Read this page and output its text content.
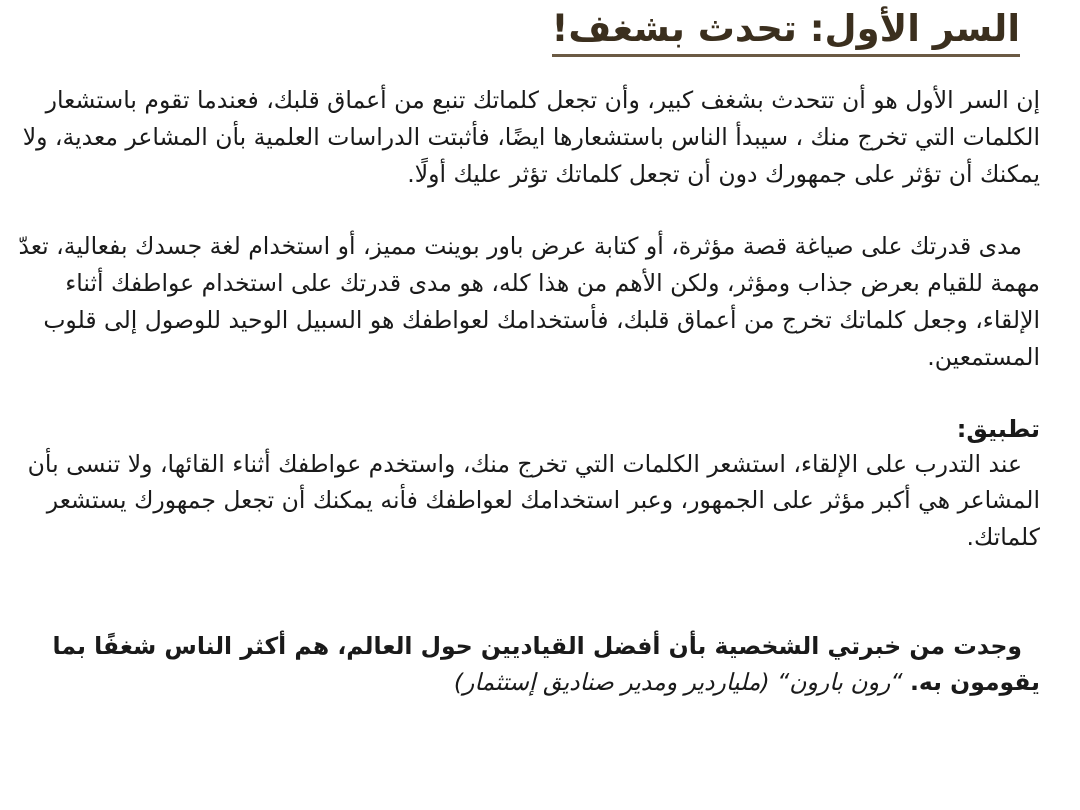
السر الأول: تحدث بشغف!

إن السر الأول هو أن تتحدث بشغف كبير، وأن تجعل كلماتك تنبع من أعماق قلبك، فعندما تقوم باستشعار الكلمات التي تخرج منك ، سيبدأ الناس باستشعارها ايضًا، فأثبتت الدراسات العلمية بأن المشاعر معدية، ولا يمكنك أن تؤثر على جمهورك دون أن تجعل كلماتك تؤثر عليك أولًا.

مدى قدرتك على صياغة قصة مؤثرة، أو كتابة عرض باور بوينت مميز، أو استخدام لغة جسدك بفعالية، تعدّ مهمة للقيام بعرض جذاب ومؤثر، ولكن الأهم من هذا كله، هو مدى قدرتك على استخدام عواطفك أثناء الإلقاء، وجعل كلماتك تخرج من أعماق قلبك، فأستخدامك لعواطفك هو السبيل الوحيد للوصول إلى قلوب المستمعين.

تطبيق:

عند التدرب على الإلقاء، استشعر الكلمات التي تخرج منك، واستخدم عواطفك أثناء القائها، ولا تنسى بأن المشاعر هي أكبر مؤثر على الجمهور، وعبر استخدامك لعواطفك فأنه يمكنك أن تجعل جمهورك يستشعر كلماتك.

وجدت من خبرتي الشخصية بأن أفضل القياديين حول العالم، هم أكثر الناس شغفًا بما يقومون به. “رون بارون“ (ملياردير ومدير صناديق إستثمار)
